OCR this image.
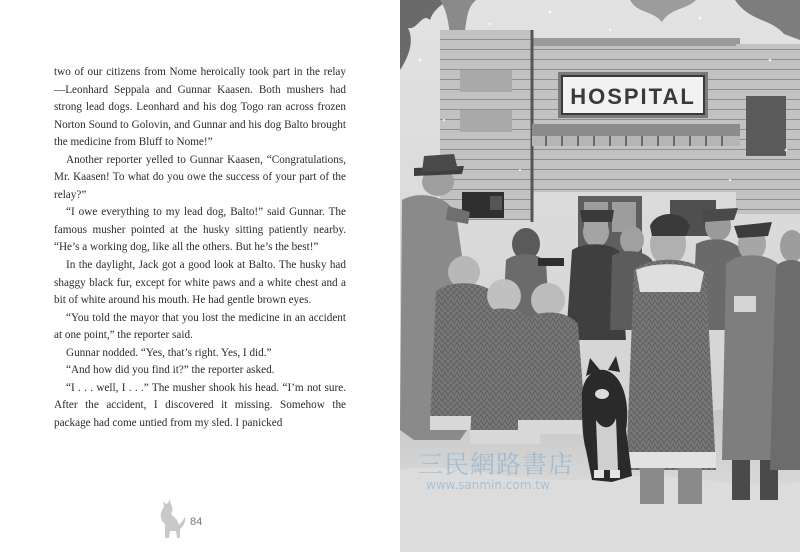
two of our citizens from Nome heroically took part in the relay—Leonhard Seppala and Gunnar Kaasen. Both mushers had strong lead dogs. Leonhard and his dog Togo ran across frozen Norton Sound to Golovin, and Gunnar and his dog Balto brought the medicine from Bluff to Nome!”

Another reporter yelled to Gunnar Kaasen, “Congratulations, Mr. Kaasen! To what do you owe the success of your part of the relay?”

“I owe everything to my lead dog, Balto!” said Gunnar. The famous musher pointed at the husky sitting patiently nearby. “He’s a working dog, like all the others. But he’s the best!”

In the daylight, Jack got a good look at Balto. The husky had shaggy black fur, except for white paws and a white chest and a bit of white around his mouth. He had gentle brown eyes.

“You told the mayor that you lost the medicine in an accident at one point,” the reporter said.

Gunnar nodded. “Yes, that’s right. Yes, I did.”

“And how did you find it?” the reporter asked.

“I . . . well, I . . .” The musher shook his head. “I’m not sure. After the accident, I discovered it missing. Somehow the package had come untied from my sled. I panicked

84
HOSPITAL
三民網路書店
www.sanmin.com.tw
